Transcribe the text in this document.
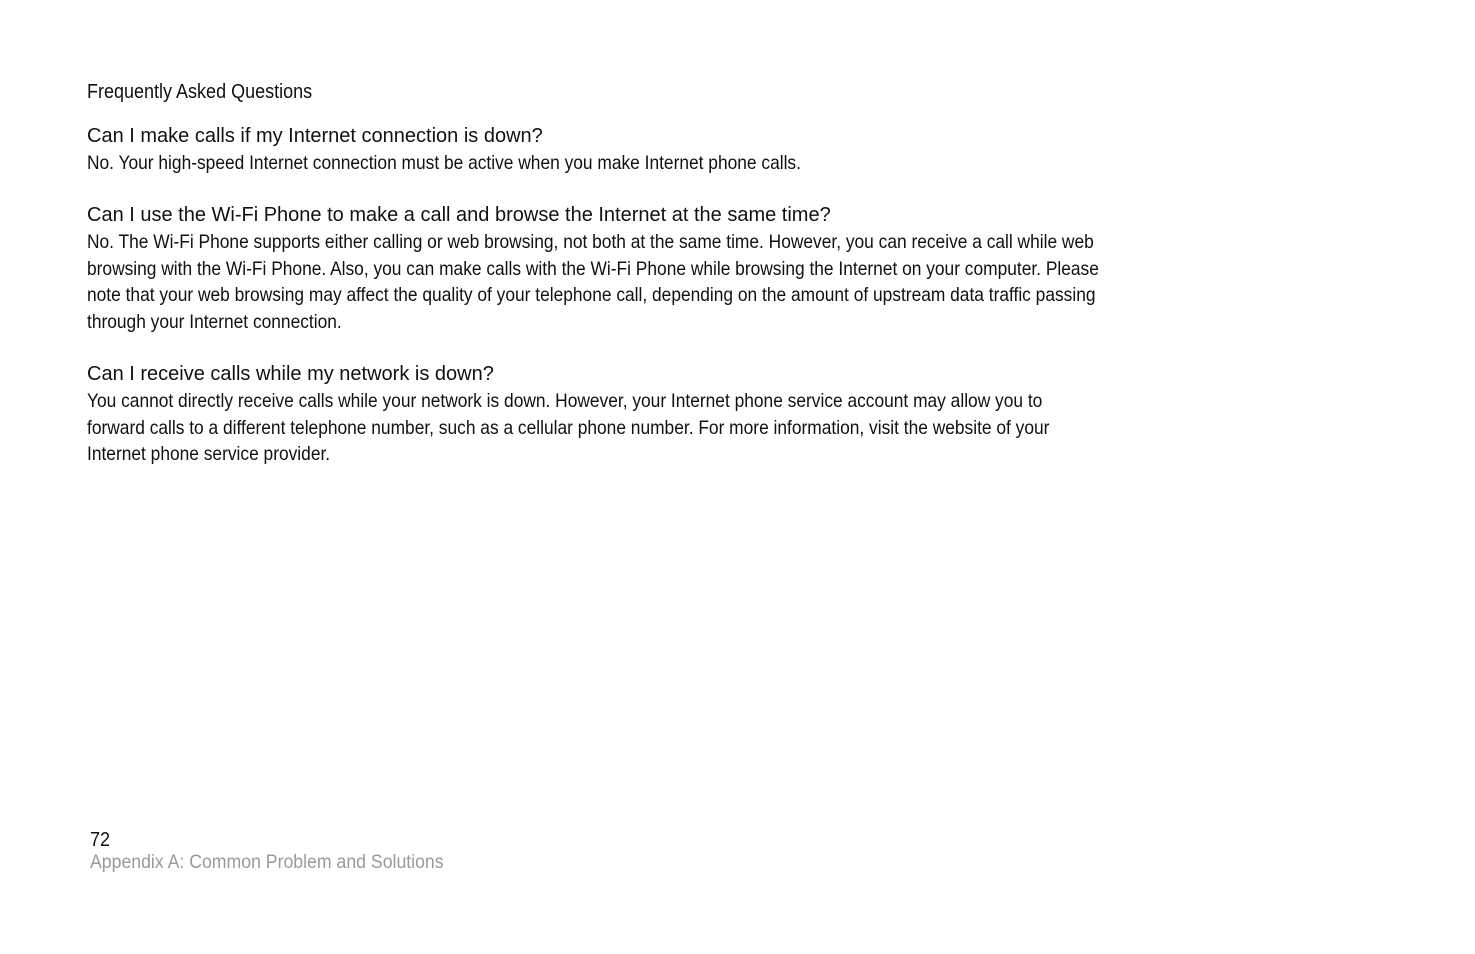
Frequently Asked Questions
Can I make calls if my Internet connection is down?

No. Your high-speed Internet connection must be active when you make Internet phone calls.

Can I use the Wi-Fi Phone to make a call and browse the Internet at the same time?

No. The Wi-Fi Phone supports either calling or web browsing, not both at the same time. However, you can receive a call while web browsing with the Wi-Fi Phone. Also, you can make calls with the Wi-Fi Phone while browsing the Internet on your computer. Please note that your web browsing may affect the quality of your telephone call, depending on the amount of upstream data traffic passing through your Internet connection.

Can I receive calls while my network is down?

You cannot directly receive calls while your network is down. However, your Internet phone service account may allow you to forward calls to a different telephone number, such as a cellular phone number. For more information, visit the website of your Internet phone service provider.

72
Appendix A: Common Problem and Solutions
